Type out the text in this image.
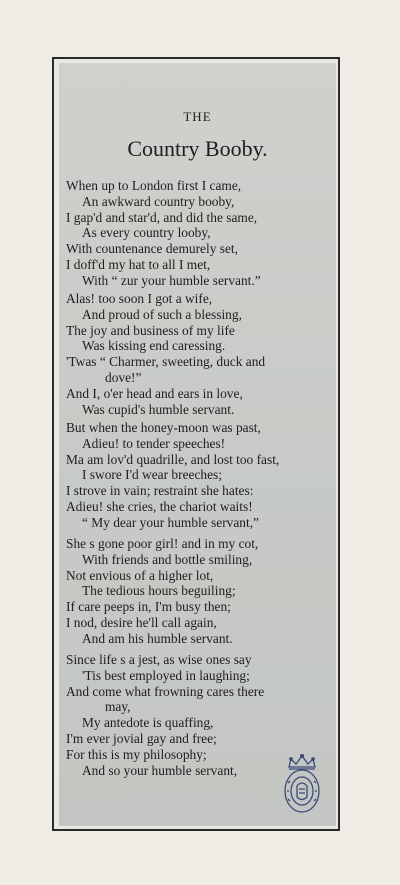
THE
Country Booby.
When up to London first I came,
An awkward country booby,
I gap'd and star'd, and did the same,
As every country looby,
With countenance demurely set,
I doff'd my hat to all I met,
With “ zur your humble servant.”
Alas! too soon I got a wife,
And proud of such a blessing,
The joy and business of my life
Was kissing end caressing.
'Twas “ Charmer, sweeting, duck and
dove!”
And I, o'er head and ears in love,
Was cupid's humble servant.
But when the honey-moon was past,
Adieu! to tender speeches!
Ma am lov'd quadrille, and lost too fast,
I swore I'd wear breeches;
I strove in vain; restraint she hates:
Adieu! she cries, the chariot waits!
“ My dear your humble servant,”
She s gone poor girl! and in my cot,
With friends and bottle smiling,
Not envious of a higher lot,
The tedious hours beguiling;
If care peeps in, I'm busy then;
I nod, desire he'll call again,
And am his humble servant.
Since life s a jest, as wise ones say
'Tis best employed in laughing;
And come what frowning cares there
may,
My antedote is quaffing,
I'm ever jovial gay and free;
For this is my philosophy;
And so your humble servant,
